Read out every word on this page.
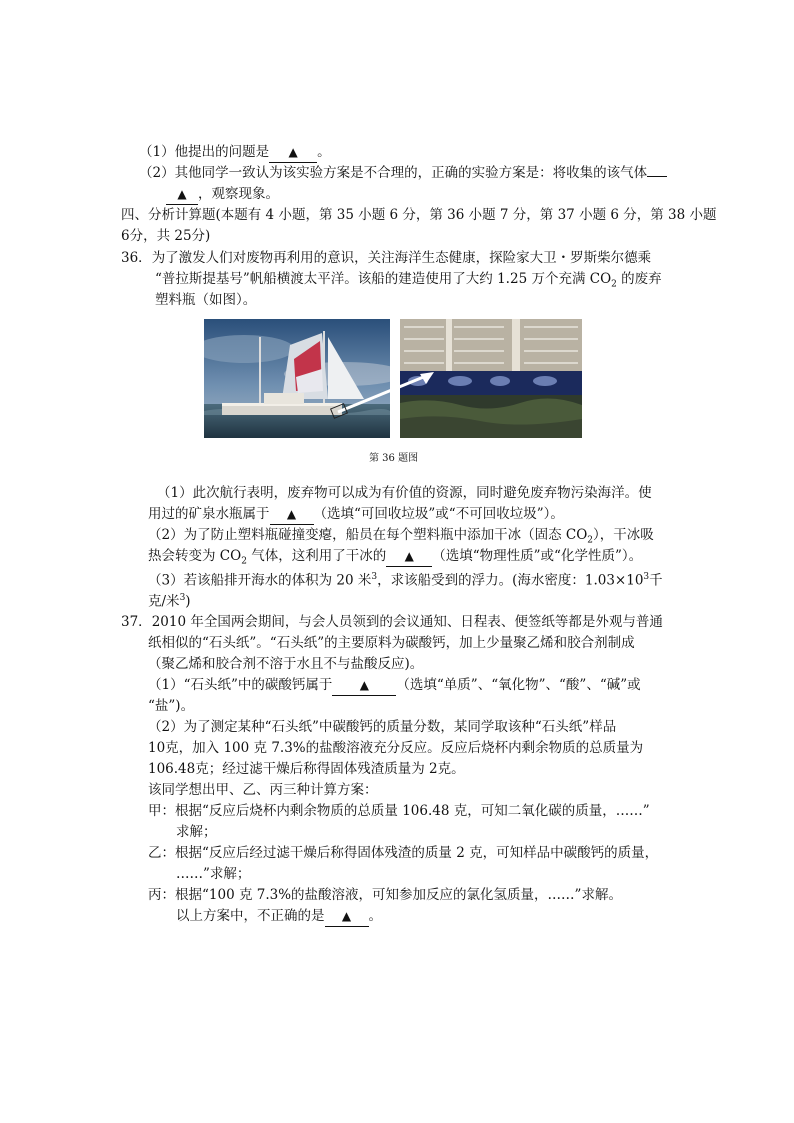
（1）他提出的问题是 ▲ 。
（2）其他同学一致认为该实验方案是不合理的，正确的实验方案是：将收集的该气体
▲ ，观察现象。
四、分析计算题(本题有 4 小题，第 35 小题 6 分，第 36 小题 7 分，第 37 小题 6 分，第 38 小题
6分，共 25分)
36．为了激发人们对废物再利用的意识，关注海洋生态健康，探险家大卫・罗斯柴尔德乘
“普拉斯提基号”帆船横渡太平洋。该船的建造使用了大约 1.25 万个充满 $CO_2$ 的废弃
塑料瓶（如图）。
第 36 题图
（1）此次航行表明，废弃物可以成为有价值的资源，同时避免废弃物污染海洋。使
用过的矿泉水瓶属于 ▲ （选填“可回收垃圾”或“不可回收垃圾”）。
（2）为了防止塑料瓶碰撞变瘪，船员在每个塑料瓶中添加干冰（固态 $CO_2$），干冰吸
热会转变为 $CO_2$ 气体，这利用了干冰的 ▲ （选填“物理性质”或“化学性质”）。
（3）若该船排开海水的体积为 20 米$^3$，求该船受到的浮力。(海水密度：$1.03\times 10^3$千
克/米$^3$)
37．2010 年全国两会期间，与会人员领到的会议通知、日程表、便签纸等都是外观与普通
纸相似的“石头纸”。“石头纸”的主要原料为碳酸钙，加上少量聚乙烯和胶合剂制成
（聚乙烯和胶合剂不溶于水且不与盐酸反应)。
（1）“石头纸”中的碳酸钙属于 ▲ （选填“单质”、“氧化物”、“酸”、“碱”或
“盐”)。
（2）为了测定某种“石头纸”中碳酸钙的质量分数，某同学取该种“石头纸”样品
10克，加入 100 克 7.3%的盐酸溶液充分反应。反应后烧杯内剩余物质的总质量为
106.48克；经过滤干燥后称得固体残渣质量为 2克。
该同学想出甲、乙、丙三种计算方案：
甲：根据“反应后烧杯内剩余物质的总质量 106.48 克，可知二氧化碳的质量，……”
求解；
乙：根据“反应后经过滤干燥后称得固体残渣的质量 2 克，可知样品中碳酸钙的质量，
……”求解；
丙：根据“100 克 7.3%的盐酸溶液，可知参加反应的氯化氢质量，……”求解。
以上方案中，不正确的是 ▲ 。
